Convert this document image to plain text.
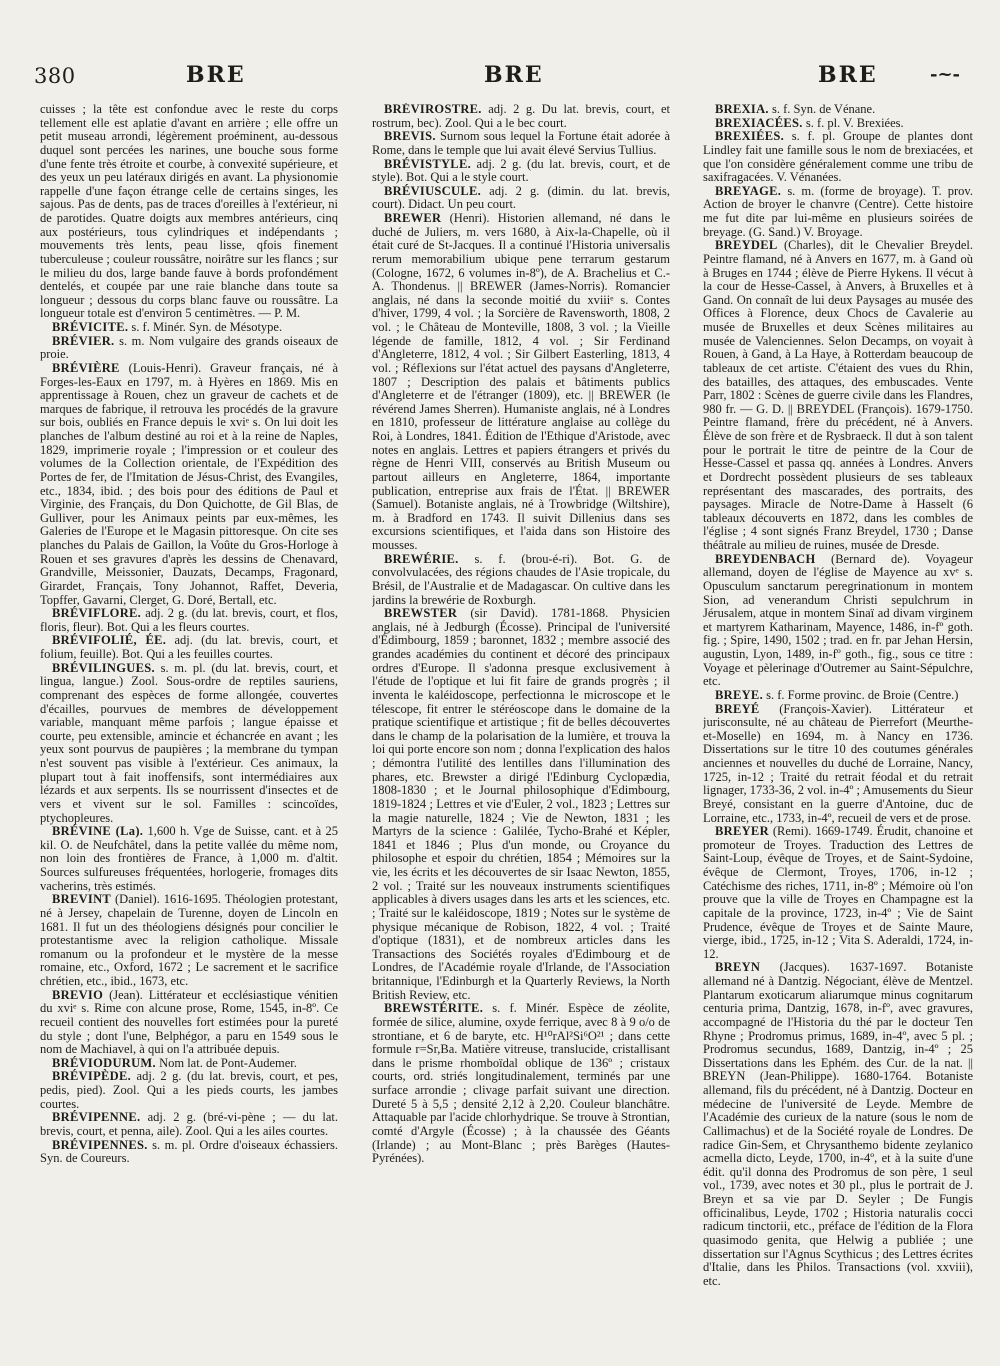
380	BRE	BRE	BRE	-~-

cuisses ; la tête est confondue avec le reste du corps tellement elle est aplatie d'avant en arrière ; elle offre un petit museau arrondi, légèrement proéminent, au-dessous duquel sont percées les narines, une bouche sous forme d'une fente très étroite et courbe, à convexité supérieure, et des yeux un peu latéraux dirigés en avant. La physionomie rappelle d'une façon étrange celle de certains singes, les sajous. Pas de dents, pas de traces d'oreilles à l'extérieur, ni de parotides. Quatre doigts aux membres antérieurs, cinq aux postérieurs, tous cylindriques et indépendants ; mouvements très lents, peau lisse, qfois finement tuberculeuse ; couleur roussâtre, noirâtre sur les flancs ; sur le milieu du dos, large bande fauve à bords profondément dentelés, et coupée par une raie blanche dans toute sa longueur ; dessous du corps blanc fauve ou roussâtre. La longueur totale est d'environ 5 centimètres. — P. M.

BRÉVICITE. s. f. Minér. Syn. de Mésotype.

BRÉVIER. s. m. Nom vulgaire des grands oiseaux de proie.

BRÉVIÈRE (Louis-Henri). Graveur français, né à Forges-les-Eaux en 1797, m. à Hyères en 1869. Mis en apprentissage à Rouen, chez un graveur de cachets et de marques de fabrique, il retrouva les procédés de la gravure sur bois, oubliés en France depuis le xviᵉ s. On lui doit les planches de l'album destiné au roi et à la reine de Naples, 1829, imprimerie royale ; l'impression or et couleur des volumes de la Collection orientale, de l'Expédition des Portes de fer, de l'Imitation de Jésus-Christ, des Evangiles, etc., 1834, ibid. ; des bois pour des éditions de Paul et Virginie, des Français, du Don Quichotte, de Gil Blas, de Gulliver, pour les Animaux peints par eux-mêmes, les Galeries de l'Europe et le Magasin pittoresque. On cite ses planches du Palais de Gaillon, la Voûte du Gros-Horloge à Rouen et ses gravures d'après les dessins de Chenavard, Grandville, Meissonier, Dauzats, Decamps, Fragonard, Girardet, Français, Tony Johannot, Raffet, Deveria, Topffer, Gavarni, Clerget, G. Doré, Bertall, etc.

BRÉVIFLORE. adj. 2 g. (du lat. brevis, court, et flos, floris, fleur). Bot. Qui a les fleurs courtes.

BRÉVIFOLIÉ, ÉE. adj. (du lat. brevis, court, et folium, feuille). Bot. Qui a les feuilles courtes.

BRÉVILINGUES. s. m. pl. (du lat. brevis, court, et lingua, langue.) Zool. Sous-ordre de reptiles sauriens, comprenant des espèces de forme allongée, couvertes d'écailles, pourvues de membres de développement variable, manquant même parfois ; langue épaisse et courte, peu extensible, amincie et échancrée en avant ; les yeux sont pourvus de paupières ; la membrane du tympan n'est souvent pas visible à l'extérieur. Ces animaux, la plupart tout à fait inoffensifs, sont intermédiaires aux lézards et aux serpents. Ils se nourrissent d'insectes et de vers et vivent sur le sol. Familles : scincoïdes, ptychopleures.

BRÉVINE (La). 1,600 h. Vge de Suisse, cant. et à 25 kil. O. de Neufchâtel, dans la petite vallée du même nom, non loin des frontières de France, à 1,000 m. d'altit. Sources sulfureuses fréquentées, horlogerie, fromages dits vacherins, très estimés.

BREVINT (Daniel). 1616-1695. Théologien protestant, né à Jersey, chapelain de Turenne, doyen de Lincoln en 1681. Il fut un des théologiens désignés pour concilier le protestantisme avec la religion catholique. Missale romanum ou la profondeur et le mystère de la messe romaine, etc., Oxford, 1672 ; Le sacrement et le sacrifice chrétien, etc., ibid., 1673, etc.

BREVIO (Jean). Littérateur et ecclésiastique vénitien du xviᵉ s. Rime con alcune prose, Rome, 1545, in-8º. Ce recueil contient des nouvelles fort estimées pour la pureté du style ; dont l'une, Belphégor, a paru en 1549 sous le nom de Machiavel, à qui on l'a attribuée depuis.

BRÉVIODURUM. Nom lat. de Pont-Audemer.

BRÉVIPÈDE. adj. 2 g. (du lat. brevis, court, et pes, pedis, pied). Zool. Qui a les pieds courts, les jambes courtes.

BRÉVIPENNE. adj. 2 g. (bré-vi-pène ; — du lat. brevis, court, et penna, aile). Zool. Qui a les ailes courtes.

BRÉVIPENNES. s. m. pl. Ordre d'oiseaux échassiers. Syn. de Coureurs.

BRÉVIROSTRE. adj. 2 g. Du lat. brevis, court, et rostrum, bec). Zool. Qui a le bec court.

BREVIS. Surnom sous lequel la Fortune était adorée à Rome, dans le temple que lui avait élevé Servius Tullius.

BRÉVISTYLE. adj. 2 g. (du lat. brevis, court, et de style). Bot. Qui a le style court.

BRÉVIUSCULE. adj. 2 g. (dimin. du lat. brevis, court). Didact. Un peu court.

BREWER (Henri). Historien allemand, né dans le duché de Juliers, m. vers 1680, à Aix-la-Chapelle, où il était curé de St-Jacques. Il a continué l'Historia universalis rerum memorabilium ubique pene terrarum gestarum (Cologne, 1672, 6 volumes in-8º), de A. Brachelius et C.-A. Thondenus. || BREWER (James-Norris). Romancier anglais, né dans la seconde moitié du xviiiᵉ s. Contes d'hiver, 1799, 4 vol. ; la Sorcière de Ravensworth, 1808, 2 vol. ; le Château de Monteville, 1808, 3 vol. ; la Vieille légende de famille, 1812, 4 vol. ; Sir Ferdinand d'Angleterre, 1812, 4 vol. ; Sir Gilbert Easterling, 1813, 4 vol. ; Réflexions sur l'état actuel des paysans d'Angleterre, 1807 ; Description des palais et bâtiments publics d'Angleterre et de l'étranger (1809), etc. || BREWER (le révérend James Sherren). Humaniste anglais, né à Londres en 1810, professeur de littérature anglaise au collège du Roi, à Londres, 1841. Édition de l'Ethique d'Aristode, avec notes en anglais. Lettres et papiers étrangers et privés du règne de Henri VIII, conservés au British Museum ou partout ailleurs en Angleterre, 1864, importante publication, entreprise aux frais de l'État. || BREWER (Samuel). Botaniste anglais, né à Trowbridge (Wiltshire), m. à Bradford en 1743. Il suivit Dillenius dans ses excursions scientifiques, et l'aida dans son Histoire des mousses.

BREWÉRIE. s. f. (brou-é-ri). Bot. G. de convolvulacées, des régions chaudes de l'Asie tropicale, du Brésil, de l'Australie et de Madagascar. On cultive dans les jardins la brewérie de Roxburgh.

BREWSTER (sir David). 1781-1868. Physicien anglais, né à Jedburgh (Écosse). Principal de l'université d'Édimbourg, 1859 ; baronnet, 1832 ; membre associé des grandes académies du continent et décoré des principaux ordres d'Europe. Il s'adonna presque exclusivement à l'étude de l'optique et lui fit faire de grands progrès ; il inventa le kaléidoscope, perfectionna le microscope et le télescope, fit entrer le stéréoscope dans le domaine de la pratique scientifique et artistique ; fit de belles découvertes dans le champ de la polarisation de la lumière, et trouva la loi qui porte encore son nom ; donna l'explication des halos ; démontra l'utilité des lentilles dans l'illumination des phares, etc. Brewster a dirigé l'Edinburg Cyclopædia, 1808-1830 ; et le Journal philosophique d'Edimbourg, 1819-1824 ; Lettres et vie d'Euler, 2 vol., 1823 ; Lettres sur la magie naturelle, 1824 ; Vie de Newton, 1831 ; les Martyrs de la science : Galilée, Tycho-Brahé et Képler, 1841 et 1846 ; Plus d'un monde, ou Croyance du philosophe et espoir du chrétien, 1854 ; Mémoires sur la vie, les écrits et les découvertes de sir Isaac Newton, 1855, 2 vol. ; Traité sur les nouveaux instruments scientifiques applicables à divers usages dans les arts et les sciences, etc. ; Traité sur le kaléidoscope, 1819 ; Notes sur le système de physique mécanique de Robison, 1822, 4 vol. ; Traité d'optique (1831), et de nombreux articles dans les Transactions des Sociétés royales d'Edimbourg et de Londres, de l'Académie royale d'Irlande, de l'Association britannique, l'Edinburgh et la Quarterly Reviews, la North British Review, etc.

BREWSTÉRITE. s. f. Minér. Espèce de zéolite, formée de silice, alumine, oxyde ferrique, avec 8 à 9 o/o de strontiane, et 6 de baryte, etc. H¹⁰rAl²Si⁶O²¹ ; dans cette formule r=Sr,Ba. Matière vitreuse, translucide, cristallisant dans le prisme rhomboïdal oblique de 136º ; cristaux courts, ord. striés longitudinalement, terminés par une surface arrondie ; clivage parfait suivant une direction. Dureté 5 à 5,5 ; densité 2,12 à 2,20. Couleur blanchâtre. Attaquable par l'acide chlorhydrique. Se trouve à Strontian, comté d'Argyle (Écosse) ; à la chaussée des Géants (Irlande) ; au Mont-Blanc ; près Barèges (Hautes-Pyrénées).

BREXIA. s. f. Syn. de Vénane.

BREXIACÉES. s. f. pl. V. Brexiées.

BREXIÉES. s. f. pl. Groupe de plantes dont Lindley fait une famille sous le nom de brexiacées, et que l'on considère généralement comme une tribu de saxifragacées. V. Vénanées.

BREYAGE. s. m. (forme de broyage). T. prov. Action de broyer le chanvre (Centre). Cette histoire me fut dite par lui-même en plusieurs soirées de breyage. (G. Sand.) V. Broyage.

BREYDEL (Charles), dit le Chevalier Breydel. Peintre flamand, né à Anvers en 1677, m. à Gand où à Bruges en 1744 ; élève de Pierre Hykens. Il vécut à la cour de Hesse-Cassel, à Anvers, à Bruxelles et à Gand. On connaît de lui deux Paysages au musée des Offices à Florence, deux Chocs de Cavalerie au musée de Bruxelles et deux Scènes militaires au musée de Valenciennes. Selon Decamps, on voyait à Rouen, à Gand, à La Haye, à Rotterdam beaucoup de tableaux de cet artiste. C'étaient des vues du Rhin, des batailles, des attaques, des embuscades. Vente Parr, 1802 : Scènes de guerre civile dans les Flandres, 980 fr. — G. D. || BREYDEL (François). 1679-1750. Peintre flamand, frère du précédent, né à Anvers. Élève de son frère et de Rysbraeck. Il dut à son talent pour le portrait le titre de peintre de la Cour de Hesse-Cassel et passa qq. années à Londres. Anvers et Dordrecht possèdent plusieurs de ses tableaux représentant des mascarades, des portraits, des paysages. Miracle de Notre-Dame à Hasselt (6 tableaux découverts en 1872, dans les combles de l'église ; 4 sont signés Franz Breydel, 1730 ; Danse théâtrale au milieu de ruines, musée de Dresde.

BREYDENBACH (Bernard de). Voyageur allemand, doyen de l'église de Mayence au xvᵉ s. Opusculum sanctarum peregrinationum in montem Sion, ad venerandum Christi sepulchrum in Jérusalem, atque in montem Sinaï ad divam virginem et martyrem Katharinam, Mayence, 1486, in-fº goth. fig. ; Spire, 1490, 1502 ; trad. en fr. par Jehan Hersin, augustin, Lyon, 1489, in-fº goth., fig., sous ce titre : Voyage et pèlerinage d'Outremer au Saint-Sépulchre, etc.

BREYE. s. f. Forme provinc. de Broie (Centre.)

BREYÉ (François-Xavier). Littérateur et jurisconsulte, né au château de Pierrefort (Meurthe-et-Moselle) en 1694, m. à Nancy en 1736. Dissertations sur le titre 10 des coutumes générales anciennes et nouvelles du duché de Lorraine, Nancy, 1725, in-12 ; Traité du retrait féodal et du retrait lignager, 1733-36, 2 vol. in-4º ; Amusements du Sieur Breyé, consistant en la guerre d'Antoine, duc de Lorraine, etc., 1733, in-4º, recueil de vers et de prose.

BREYER (Remi). 1669-1749. Érudit, chanoine et promoteur de Troyes. Traduction des Lettres de Saint-Loup, évêque de Troyes, et de Saint-Sydoine, évêque de Clermont, Troyes, 1706, in-12 ; Catéchisme des riches, 1711, in-8º ; Mémoire où l'on prouve que la ville de Troyes en Champagne est la capitale de la province, 1723, in-4º ; Vie de Saint Prudence, évêque de Troyes et de Sainte Maure, vierge, ibid., 1725, in-12 ; Vita S. Aderaldi, 1724, in-12.

BREYN (Jacques). 1637-1697. Botaniste allemand né à Dantzig. Négociant, élève de Mentzel. Plantarum exoticarum aliarumque minus cognitarum centuria prima, Dantzig, 1678, in-fº, avec gravures, accompagné de l'Historia du thé par le docteur Ten Rhyne ; Prodromus primus, 1689, in-4º, avec 5 pl. ; Prodromus secundus, 1689, Dantzig, in-4º ; 25 Dissertations dans les Ephém. des Cur. de la nat. || BREYN (Jean-Philippe). 1680-1764. Botaniste allemand, fils du précédent, né à Dantzig. Docteur en médecine de l'université de Leyde. Membre de l'Académie des curieux de la nature (sous le nom de Callimachus) et de la Société royale de Londres. De radice Gin-Sem, et Chrysanthemo bidente zeylanico acmella dicto, Leyde, 1700, in-4º, et à la suite d'une édit. qu'il donna des Prodromus de son père, 1 seul vol., 1739, avec notes et 30 pl., plus le portrait de J. Breyn et sa vie par D. Seyler ; De Fungis officinalibus, Leyde, 1702 ; Historia naturalis cocci radicum tinctorii, etc., préface de l'édition de la Flora quasimodo genita, que Helwig a publiée ; une dissertation sur l'Agnus Scythicus ; des Lettres écrites d'Italie, dans les Philos. Transactions (vol. xxviii), etc.
